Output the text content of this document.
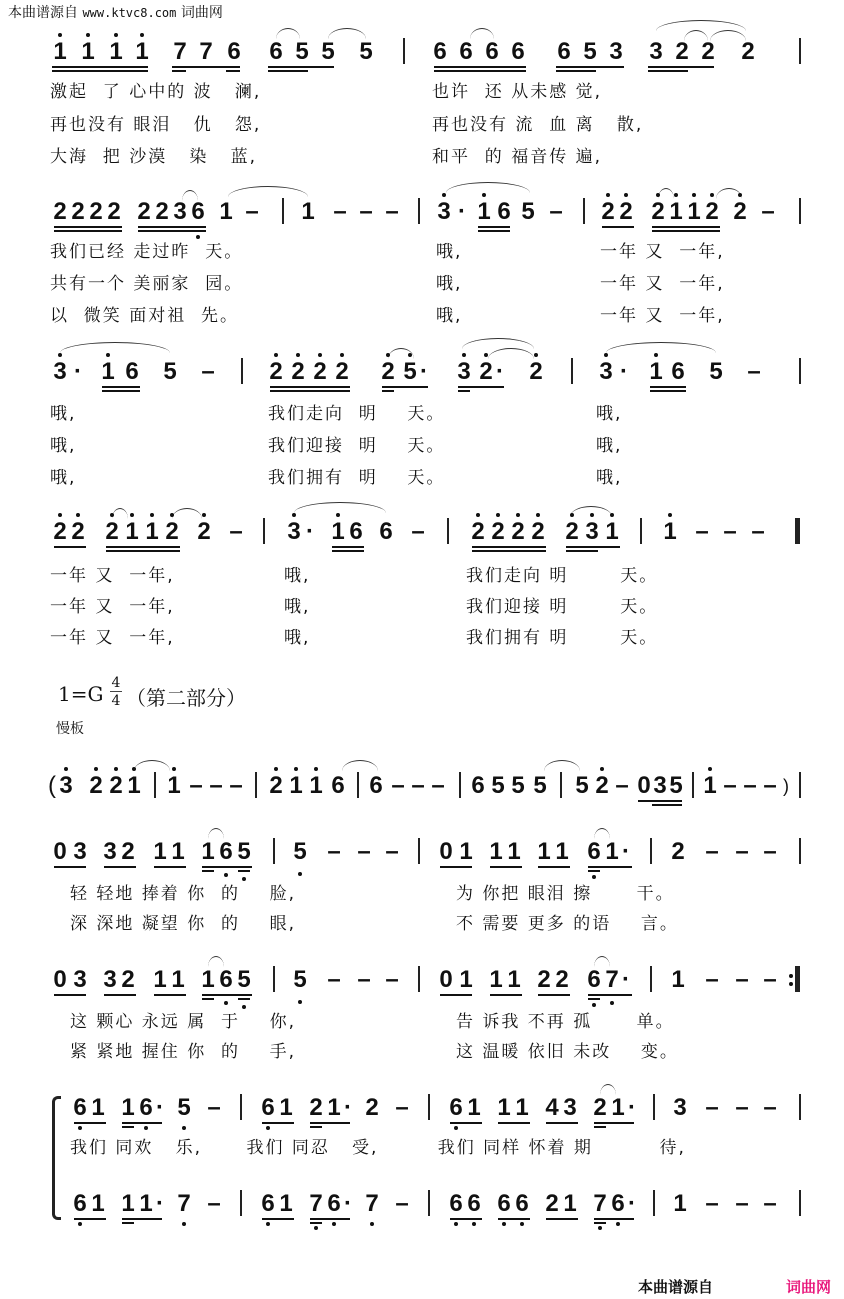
本曲谱源自 www.ktvc8.com 词曲网
1 1 1 1 7 7 6 6 5 5 5	6 6 6 6 6 5 3 3 2 2 2
激起  了 心中的 波   澜,
再也没有 眼泪   仇   怨,
大海  把 沙漠   染   蓝,
也许  还 从未感 觉,
再也没有 流  血 离   散,
和平  的 福音传 遍,
2 2 2 2 2 2 3 6 1 – 1 – – – 3 · 1 6 5 – 2 2 2 1 1 2 2 –
我们已经 走过昨  天。
共有一个 美丽家  园。
以  微笑 面对祖  先。
哦,
哦,
哦,
一年 又  一年,
一年 又  一年,
一年 又  一年,
3 · 1 6 5 – 2 2 2 2 2 5 · 3 2 · 2 3 · 1 6 5 –
哦,
哦,
哦,
我们走向  明    天。
我们迎接  明    天。
我们拥有  明    天。
哦,
哦,
哦,
2 2 2 1 1 2 2 – 3 · 1 6 6 – 2 2 2 2 2 3 1 1 – – –
一年 又  一年,
一年 又  一年,
一年 又  一年,
哦,
哦,
哦,
我们走向 明       天。
我们迎接 明       天。
我们拥有 明       天。
1=G 4
4 （第二部分）
慢板
( 3 2 2 1 1 – – – 2 1 1 6 6 – – – 6 5 5 5 5 2 – 0 3 5 1 – – – )
0 3 3 2 1 1 1 6 5 5 – – – 0 1 1 1 1 1 6 1 · 2 – – –
轻 轻地 捧着 你  的    脸,
深 深地 凝望 你  的    眼,
为 你把 眼泪 擦      干。
不 需要 更多 的语    言。
0 3 3 2 1 1 1 6 5 5 – – – 0 1 1 1 2 2 6 7 · 1 – – –
这 颗心 永远 属  于    你,
紧 紧地 握住 你  的    手,
告 诉我 不再 孤      单。
这 温暖 依旧 未改    变。
6 1 1 6 · 5 – 6 1 2 1 · 2 – 6 1 1 1 4 3 2 1 · 3 – – –
我们 同欢   乐,      我们 同忍   受,        我们 同样 怀着 期         待,
6 1 1 1 · 7 – 6 1 7 6 · 7 – 6 6 6 6 2 1 7 6 · 1 – – –
本曲谱源自	词曲网
